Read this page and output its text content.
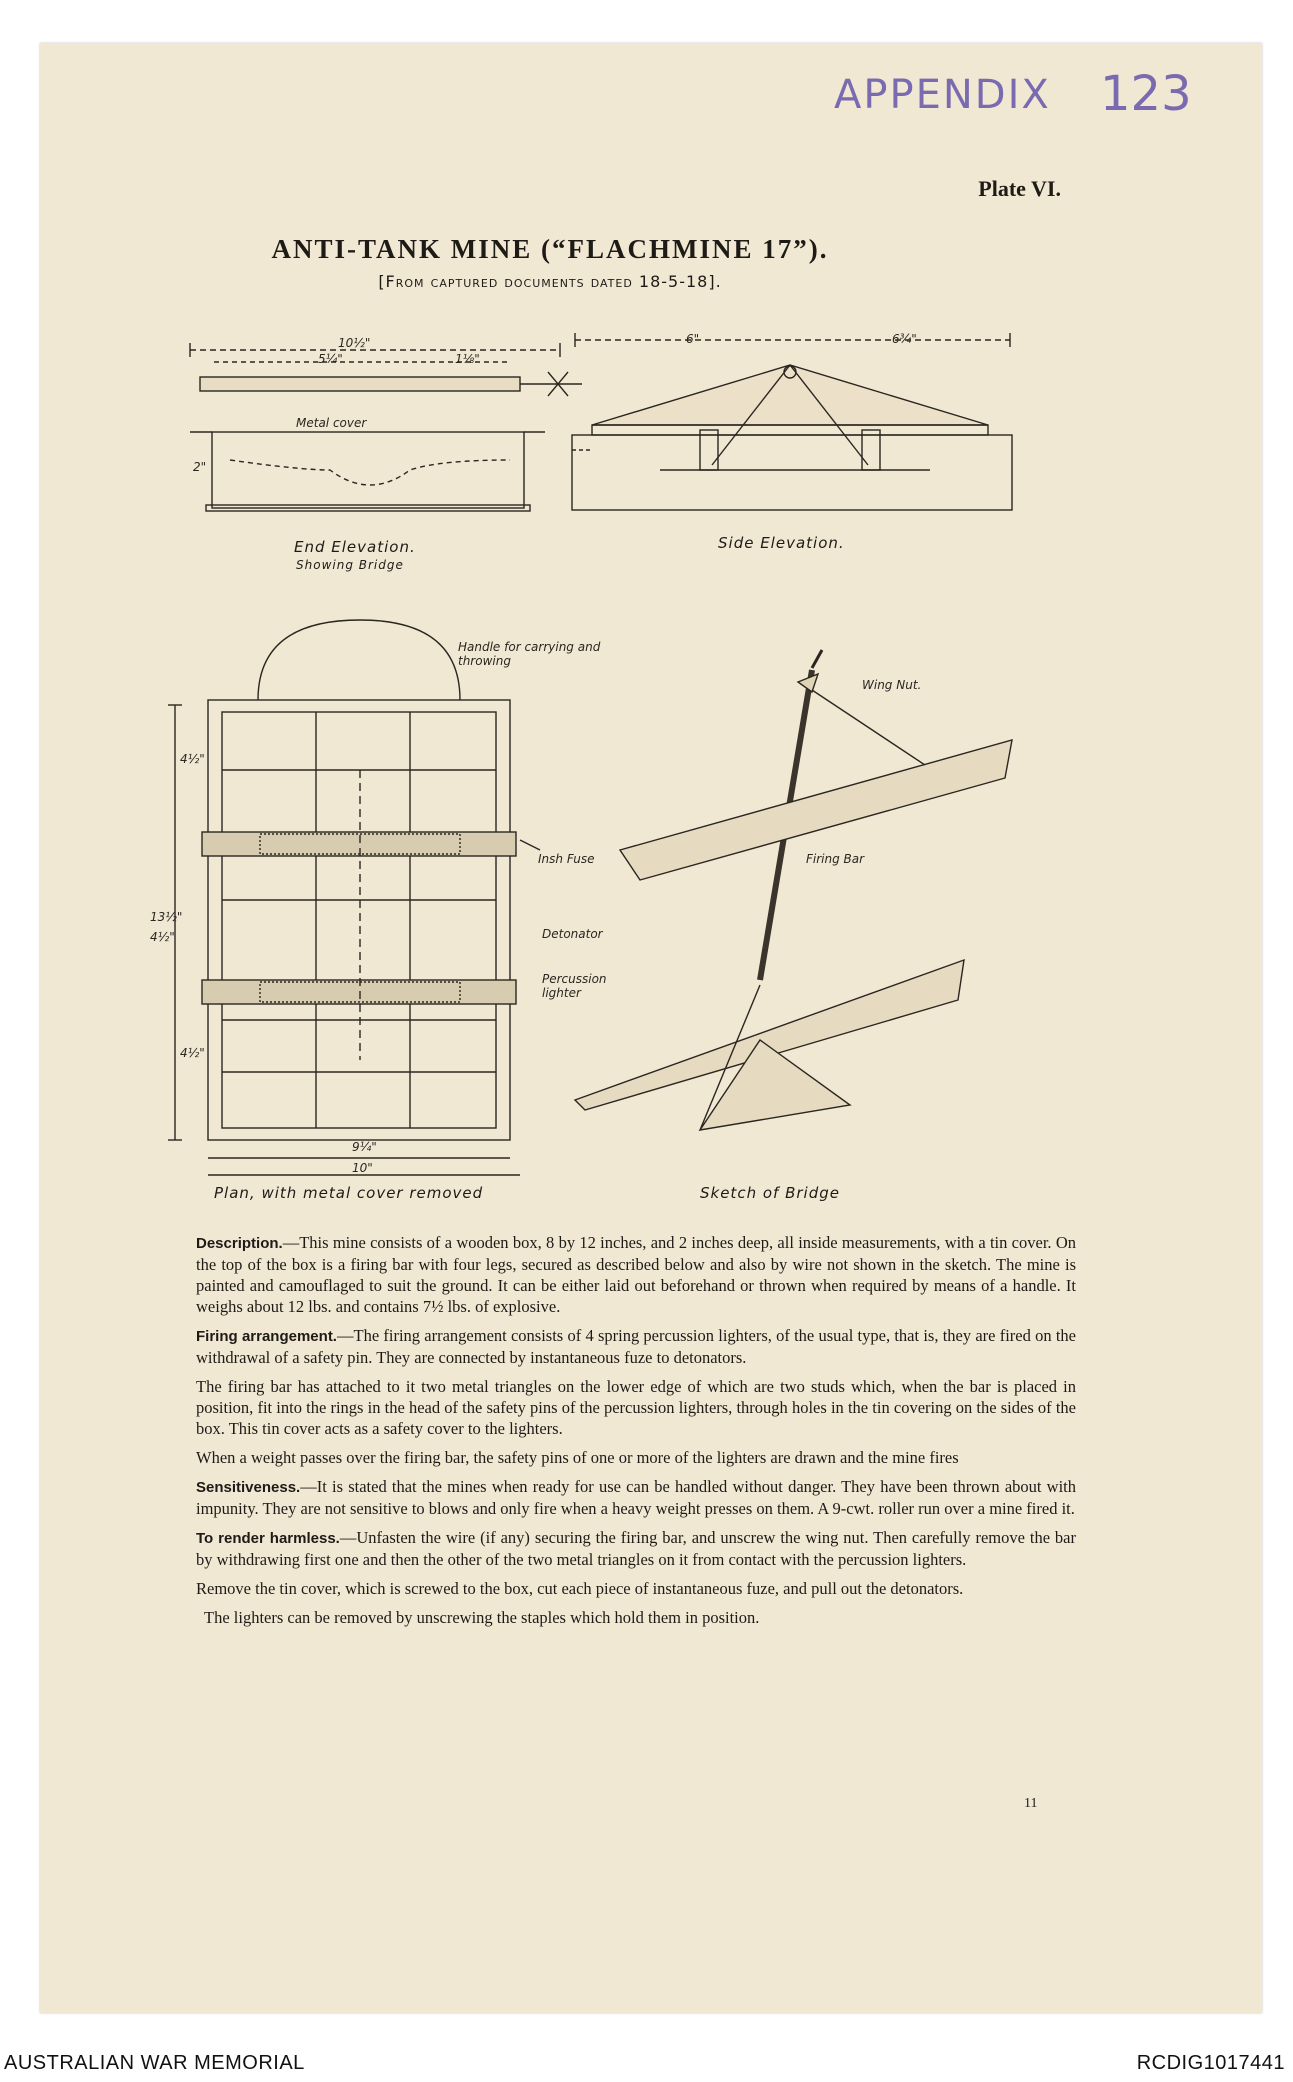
APPENDIX 123
Plate VI.
ANTI-TANK MINE (“FLACHMINE 17”).
[From captured documents dated 18-5-18].
End Elevation.
Showing Bridge
10½"
5¼"	1⅛"
2"
Metal cover
Side Elevation.
6"	6¾"
Plan, with metal cover removed
Handle for carrying and throwing
Insh Fuse
Detonator
Percussion lighter
13½"
4½"
4½"
4½"
9¼"
10"
Sketch of Bridge
Wing Nut.
Firing Bar

Description.—This mine consists of a wooden box, 8 by 12 inches, and 2 inches deep, all inside measurements, with a tin cover. On the top of the box is a firing bar with four legs, secured as described below and also by wire not shown in the sketch. The mine is painted and camouflaged to suit the ground. It can be either laid out beforehand or thrown when required by means of a handle. It weighs about 12 lbs. and contains 7½ lbs. of explosive.

Firing arrangement.—The firing arrangement consists of 4 spring percussion lighters, of the usual type, that is, they are fired on the withdrawal of a safety pin. They are connected by instantaneous fuze to detonators.

The firing bar has attached to it two metal triangles on the lower edge of which are two studs which, when the bar is placed in position, fit into the rings in the head of the safety pins of the percussion lighters, through holes in the tin covering on the sides of the box. This tin cover acts as a safety cover to the lighters.

When a weight passes over the firing bar, the safety pins of one or more of the lighters are drawn and the mine fires

Sensitiveness.—It is stated that the mines when ready for use can be handled without danger. They have been thrown about with impunity. They are not sensitive to blows and only fire when a heavy weight presses on them. A 9-cwt. roller run over a mine fired it.

To render harmless.—Unfasten the wire (if any) securing the firing bar, and unscrew the wing nut. Then carefully remove the bar by withdrawing first one and then the other of the two metal triangles on it from contact with the percussion lighters.

Remove the tin cover, which is screwed to the box, cut each piece of instantaneous fuze, and pull out the detonators.

The lighters can be removed by unscrewing the staples which hold them in position.

11
AUSTRALIAN WAR MEMORIAL	RCDIG1017441
